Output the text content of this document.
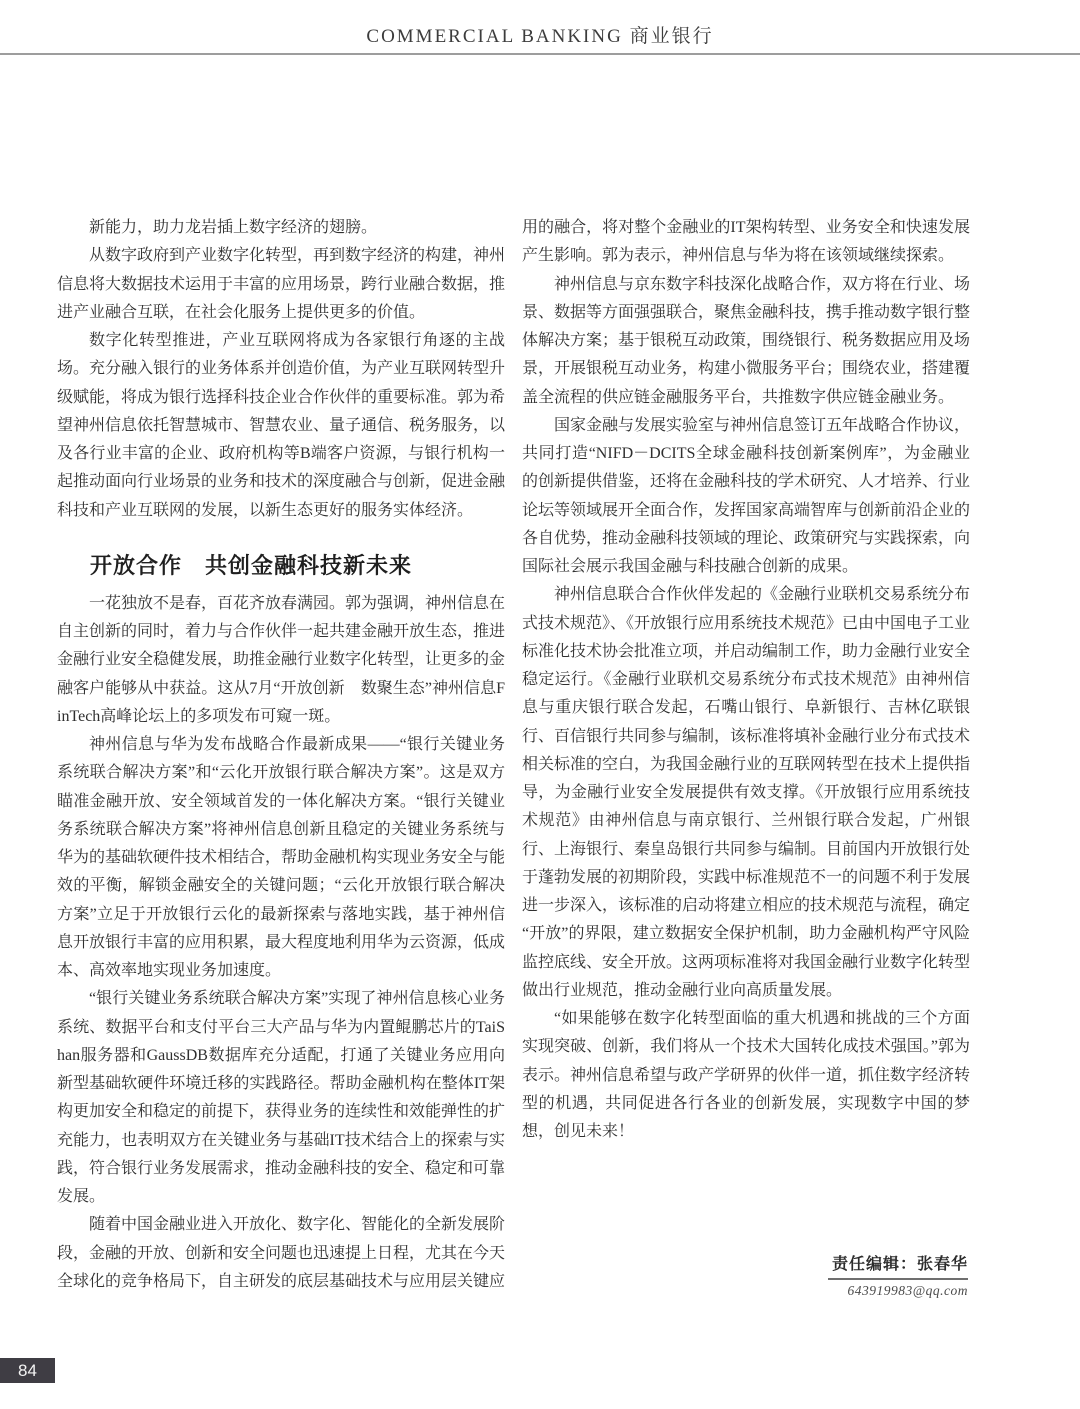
COMMERCIAL BANKING 商业银行

新能力，助力龙岩插上数字经济的翅膀。

从数字政府到产业数字化转型，再到数字经济的构建，神州信息将大数据技术运用于丰富的应用场景，跨行业融合数据，推进产业融合互联，在社会化服务上提供更多的价值。

数字化转型推进，产业互联网将成为各家银行角逐的主战场。充分融入银行的业务体系并创造价值，为产业互联网转型升级赋能，将成为银行选择科技企业合作伙伴的重要标准。郭为希望神州信息依托智慧城市、智慧农业、量子通信、税务服务，以及各行业丰富的企业、政府机构等B端客户资源，与银行机构一起推动面向行业场景的业务和技术的深度融合与创新，促进金融科技和产业互联网的发展，以新生态更好的服务实体经济。

开放合作　共创金融科技新未来

一花独放不是春，百花齐放春满园。郭为强调，神州信息在自主创新的同时，着力与合作伙伴一起共建金融开放生态，推进金融行业安全稳健发展，助推金融行业数字化转型，让更多的金融客户能够从中获益。这从7月“开放创新　数聚生态”神州信息FinTech高峰论坛上的多项发布可窥一斑。

神州信息与华为发布战略合作最新成果——“银行关键业务系统联合解决方案”和“云化开放银行联合解决方案”。这是双方瞄准金融开放、安全领域首发的一体化解决方案。“银行关键业务系统联合解决方案”将神州信息创新且稳定的关键业务系统与华为的基础软硬件技术相结合，帮助金融机构实现业务安全与能效的平衡，解锁金融安全的关键问题；“云化开放银行联合解决方案”立足于开放银行云化的最新探索与落地实践，基于神州信息开放银行丰富的应用积累，最大程度地利用华为云资源，低成本、高效率地实现业务加速度。

“银行关键业务系统联合解决方案”实现了神州信息核心业务系统、数据平台和支付平台三大产品与华为内置鲲鹏芯片的TaiShan服务器和GaussDB数据库充分适配，打通了关键业务应用向新型基础软硬件环境迁移的实践路径。帮助金融机构在整体IT架构更加安全和稳定的前提下，获得业务的连续性和效能弹性的扩充能力，也表明双方在关键业务与基础IT技术结合上的探索与实践，符合银行业务发展需求，推动金融科技的安全、稳定和可靠发展。

随着中国金融业进入开放化、数字化、智能化的全新发展阶段，金融的开放、创新和安全问题也迅速提上日程，尤其在今天全球化的竞争格局下，自主研发的底层基础技术与应用层关键应

用的融合，将对整个金融业的IT架构转型、业务安全和快速发展产生影响。郭为表示，神州信息与华为将在该领域继续探索。

神州信息与京东数字科技深化战略合作，双方将在行业、场景、数据等方面强强联合，聚焦金融科技，携手推动数字银行整体解决方案；基于银税互动政策，围绕银行、税务数据应用及场景，开展银税互动业务，构建小微服务平台；围绕农业，搭建覆盖全流程的供应链金融服务平台，共推数字供应链金融业务。

国家金融与发展实验室与神州信息签订五年战略合作协议，共同打造“NIFD－DCITS全球金融科技创新案例库”，为金融业的创新提供借鉴，还将在金融科技的学术研究、人才培养、行业论坛等领域展开全面合作，发挥国家高端智库与创新前沿企业的各自优势，推动金融科技领域的理论、政策研究与实践探索，向国际社会展示我国金融与科技融合创新的成果。

神州信息联合合作伙伴发起的《金融行业联机交易系统分布式技术规范》、《开放银行应用系统技术规范》已由中国电子工业标准化技术协会批准立项，并启动编制工作，助力金融行业安全稳定运行。《金融行业联机交易系统分布式技术规范》由神州信息与重庆银行联合发起，石嘴山银行、阜新银行、吉林亿联银行、百信银行共同参与编制，该标准将填补金融行业分布式技术相关标准的空白，为我国金融行业的互联网转型在技术上提供指导，为金融行业安全发展提供有效支撑。《开放银行应用系统技术规范》由神州信息与南京银行、兰州银行联合发起，广州银行、上海银行、秦皇岛银行共同参与编制。目前国内开放银行处于蓬勃发展的初期阶段，实践中标准规范不一的问题不利于发展进一步深入，该标准的启动将建立相应的技术规范与流程，确定“开放”的界限，建立数据安全保护机制，助力金融机构严守风险监控底线、安全开放。这两项标准将对我国金融行业数字化转型做出行业规范，推动金融行业向高质量发展。

“如果能够在数字化转型面临的重大机遇和挑战的三个方面实现突破、创新，我们将从一个技术大国转化成技术强国。”郭为表示。神州信息希望与政产学研界的伙伴一道，抓住数字经济转型的机遇，共同促进各行各业的创新发展，实现数字中国的梦想，创见未来！

责任编辑：张春华
643919983@qq.com
84
